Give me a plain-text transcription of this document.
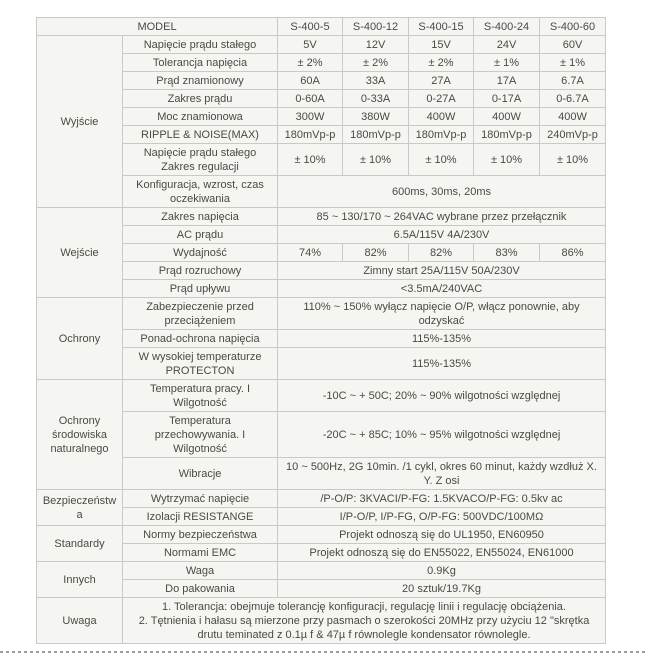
MODEL		S-400-5	S-400-12	S-400-15	S-400-24	S-400-60
Wyjście	Napięcie prądu stałego	5V	12V	15V	24V	60V
	Tolerancja napięcia	± 2%	± 2%	± 2%	± 1%	± 1%
	Prąd znamionowy	60A	33A	27A	17A	6.7A
	Zakres prądu	0-60A	0-33A	0-27A	0-17A	0-6.7A
	Moc znamionowa	300W	380W	400W	400W	400W
	RIPPLE & NOISE(MAX)	180mVp-p	180mVp-p	180mVp-p	180mVp-p	240mVp-p
	Napięcie prądu stałego Zakres regulacji	± 10%	± 10%	± 10%	± 10%	± 10%
	Konfiguracja, wzrost, czas oczekiwania	600ms, 30ms, 20ms				
Wejście	Zakres napięcia	85 ~ 130/170 ~ 264VAC wybrane przez przełącznik				
	AC prądu	6.5A/115V 4A/230V				
	Wydajność	74%	82%	82%	83%	86%
	Prąd rozruchowy	Zimny start 25A/115V 50A/230V				
	Prąd upływu	<3.5mA/240VAC				
Ochrony	Zabezpieczenie przed przeciążeniem	110% ~ 150% wyłącz napięcie O/P, włącz ponownie, aby odzyskać				
	Ponad-ochrona napięcia	115%-135%				
	W wysokiej temperaturze PROTECTON	115%-135%				
Ochrony środowiska naturalnego	Temperatura pracy. I Wilgotność	-10C ~ + 50C; 20% ~ 90% wilgotności względnej				
	Temperatura przechowywania. I Wilgotność	-20C ~ + 85C; 10% ~ 95% wilgotności względnej				
	Wibracje	10 ~ 500Hz, 2G 10min. /1 cykl, okres 60 minut, każdy wzdłuż X. Y. Z osi				
Bezpieczeństwa	Wytrzymać napięcie	/P-O/P: 3KVACI/P-FG: 1.5KVACO/P-FG: 0.5kv ac				
	Izolacji RESISTANGE	I/P-O/P, I/P-FG, O/P-FG: 500VDC/100MΩ				
Standardy	Normy bezpieczeństwa	Projekt odnoszą się do UL1950, EN60950				
	Normami EMC	Projekt odnoszą się do EN55022, EN55024, EN61000				
Innych	Waga	0.9Kg				
	Do pakowania	20 sztuk/19.7Kg				
Uwaga	1. Tolerancja: obejmuje tolerancję konfiguracji, regulację linii i regulację obciążenia.
2. Tętnienia i hałasu są mierzone przy pasmach o szerokości 20MHz przy użyciu 12 "skrętka drutu teminated z 0.1µ f & 47µ f równolegle kondensator równolegle.					
